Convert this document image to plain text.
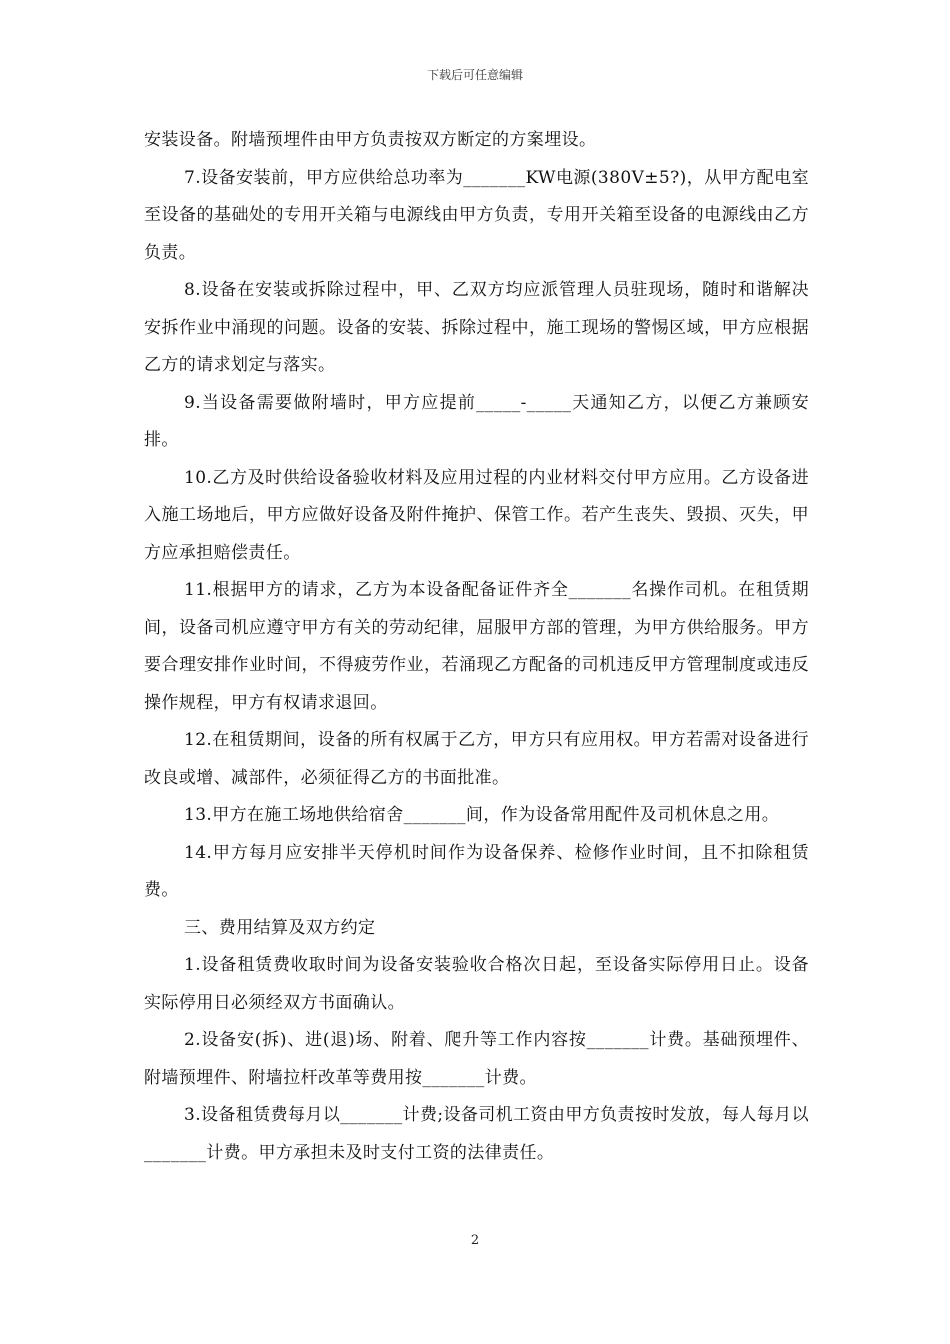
下载后可任意编辑

安装设备。附墙预埋件由甲方负责按双方断定的方案埋设。

7.设备安装前，甲方应供给总功率为_______KW电源(380V±5?)，从甲方配电室至设备的基础处的专用开关箱与电源线由甲方负责，专用开关箱至设备的电源线由乙方负责。

8.设备在安装或拆除过程中，甲、乙双方均应派管理人员驻现场，随时和谐解决安拆作业中涌现的问题。设备的安装、拆除过程中，施工现场的警惕区域，甲方应根据乙方的请求划定与落实。

9.当设备需要做附墙时，甲方应提前_____-_____天通知乙方，以便乙方兼顾安排。

10.乙方及时供给设备验收材料及应用过程的内业材料交付甲方应用。乙方设备进入施工场地后，甲方应做好设备及附件掩护、保管工作。若产生丧失、毁损、灭失，甲方应承担赔偿责任。

11.根据甲方的请求，乙方为本设备配备证件齐全_______名操作司机。在租赁期间，设备司机应遵守甲方有关的劳动纪律，屈服甲方部的管理，为甲方供给服务。甲方要合理安排作业时间，不得疲劳作业，若涌现乙方配备的司机违反甲方管理制度或违反操作规程，甲方有权请求退回。

12.在租赁期间，设备的所有权属于乙方，甲方只有应用权。甲方若需对设备进行改良或增、减部件，必须征得乙方的书面批准。

13.甲方在施工场地供给宿舍_______间，作为设备常用配件及司机休息之用。

14.甲方每月应安排半天停机时间作为设备保养、检修作业时间，且不扣除租赁费。

三、费用结算及双方约定

1.设备租赁费收取时间为设备安装验收合格次日起，至设备实际停用日止。设备实际停用日必须经双方书面确认。

2.设备安(拆)、进(退)场、附着、爬升等工作内容按_______计费。基础预埋件、附墙预埋件、附墙拉杆改革等费用按_______计费。

3.设备租赁费每月以_______计费;设备司机工资由甲方负责按时发放，每人每月以_______计费。甲方承担未及时支付工资的法律责任。

2
